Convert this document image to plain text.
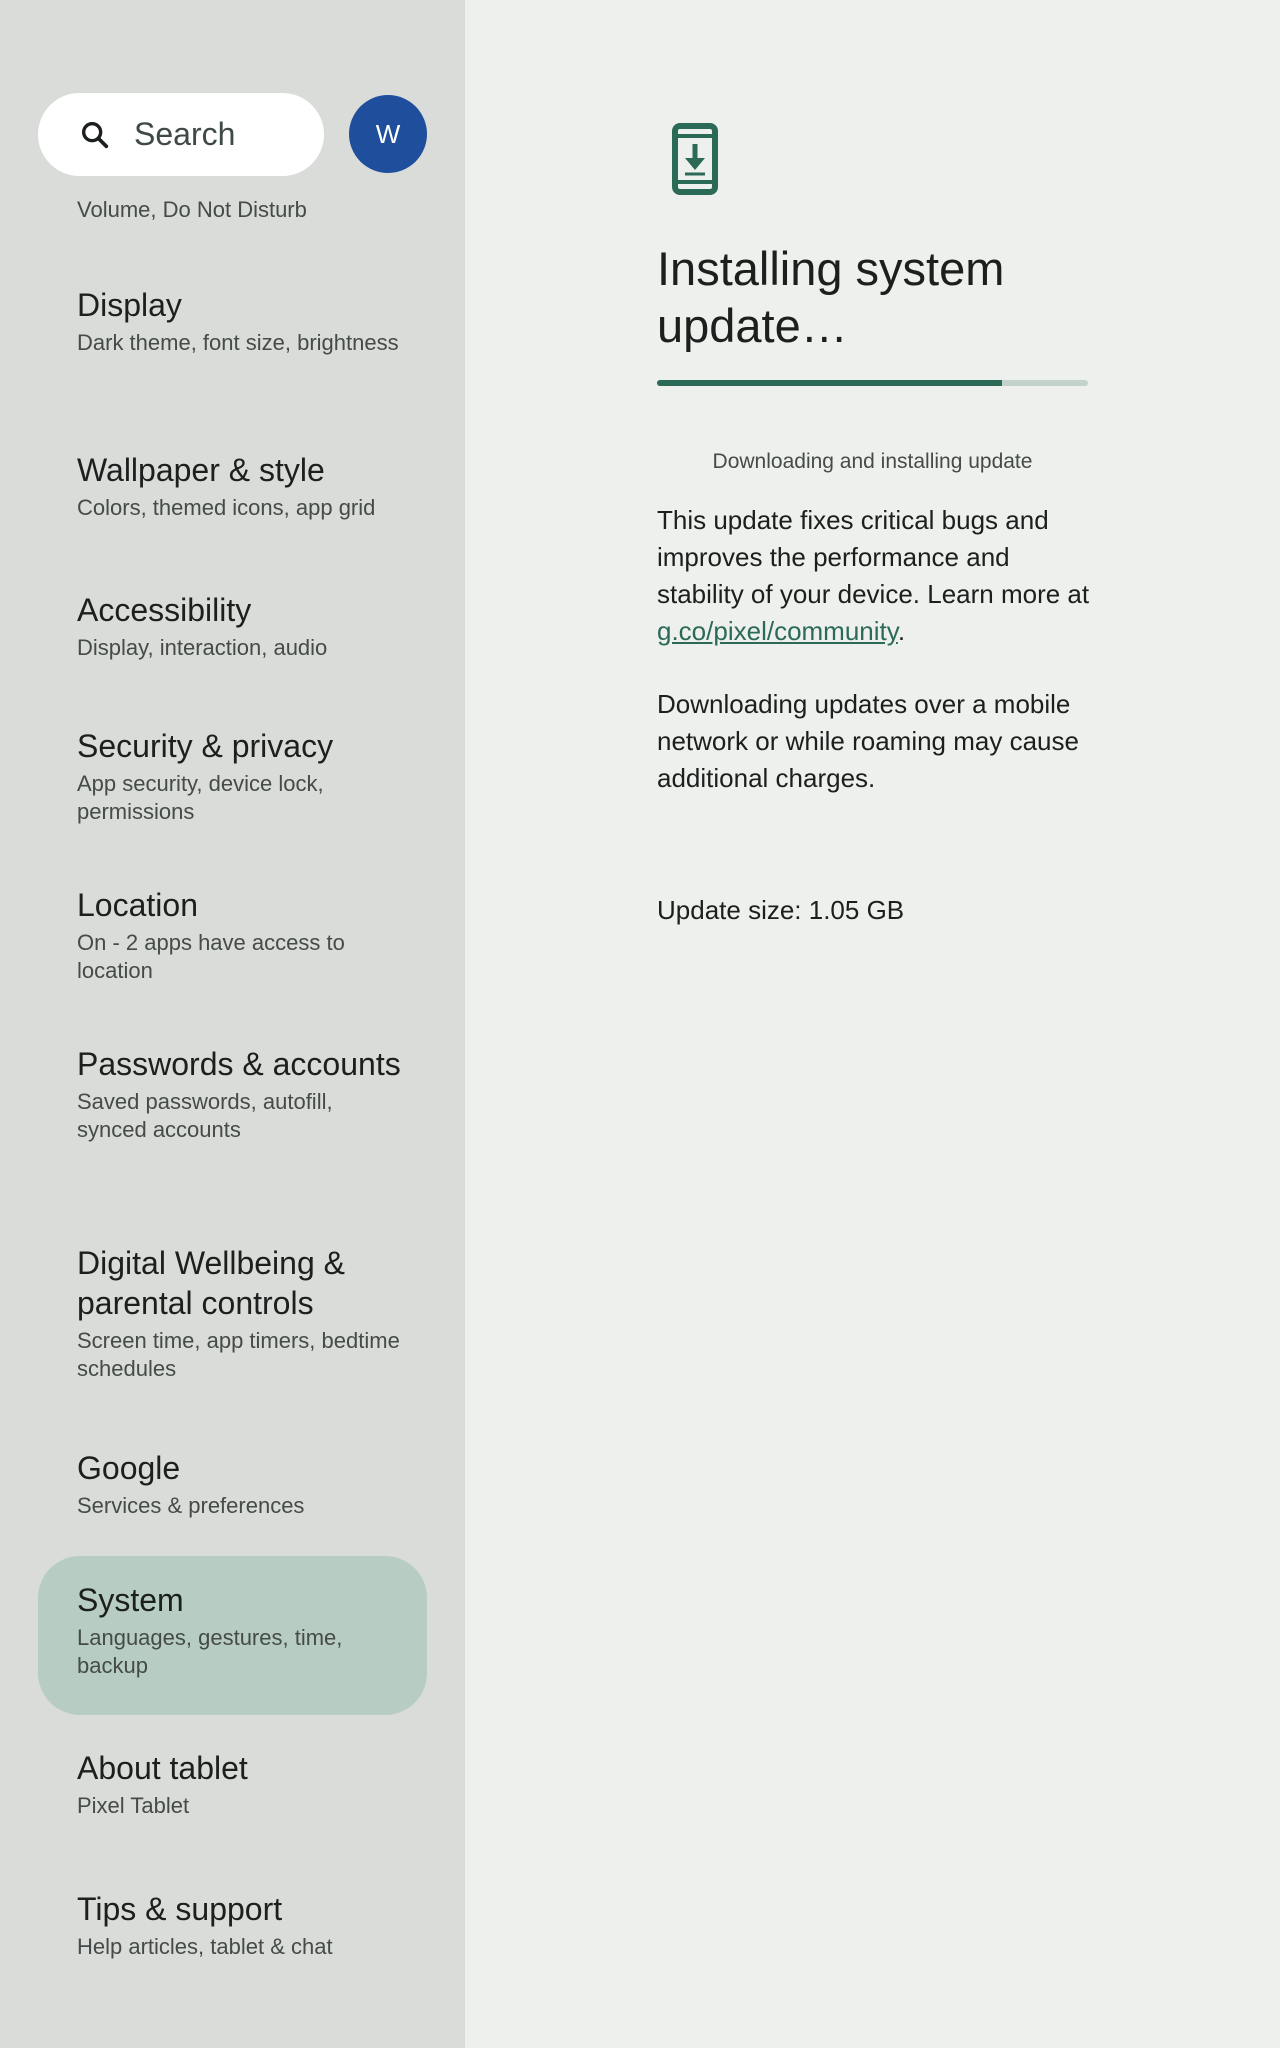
Search	W
Volume, Do Not Disturb
Display
Dark theme, font size, brightness
Wallpaper & style
Colors, themed icons, app grid
Accessibility
Display, interaction, audio
Security & privacy
App security, device lock, permissions
Location
On - 2 apps have access to location
Passwords & accounts
Saved passwords, autofill, synced accounts
Digital Wellbeing & parental controls
Screen time, app timers, bedtime schedules
Google
Services & preferences
System
Languages, gestures, time, backup
About tablet
Pixel Tablet
Tips & support
Help articles, tablet & chat
Installing system update…
Downloading and installing update
This update fixes critical bugs and improves the performance and stability of your device. Learn more at g.co/pixel/community.
Downloading updates over a mobile network or while roaming may cause additional charges.
Update size: 1.05 GB
